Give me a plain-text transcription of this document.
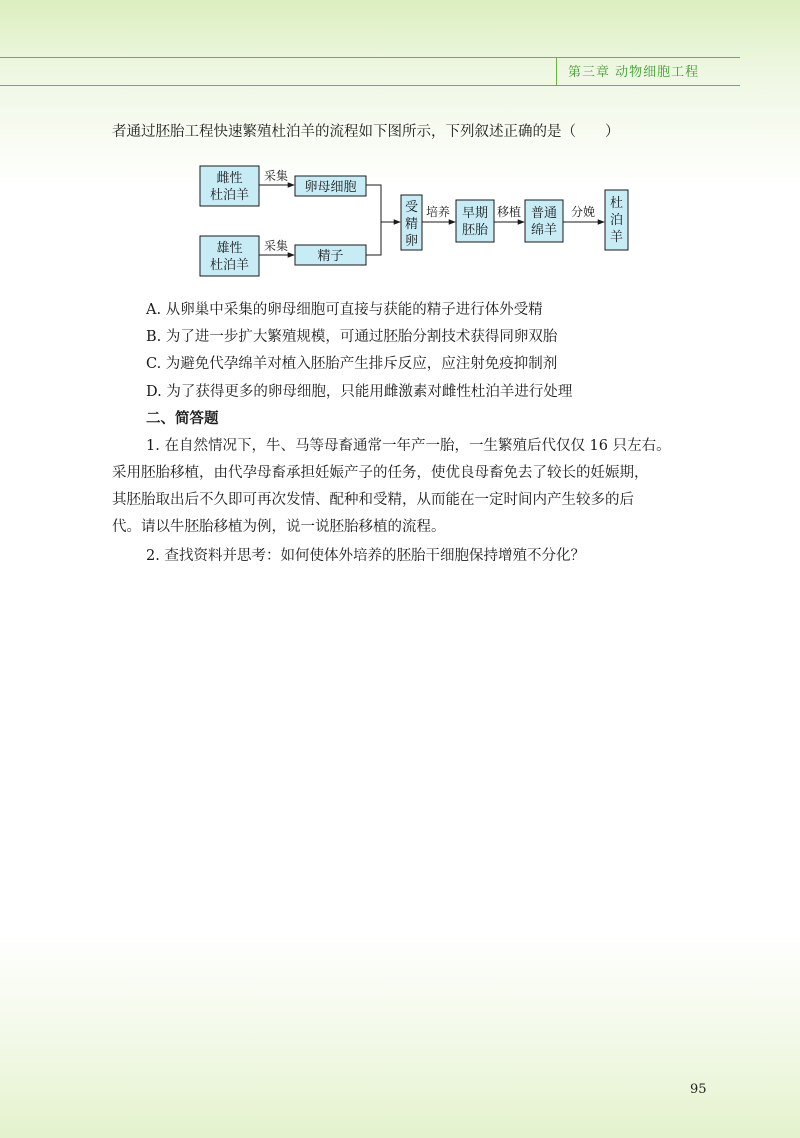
第三章 动物细胞工程
者通过胚胎工程快速繁殖杜泊羊的流程如下图所示，下列叙述正确的是（　　）
雌性
杜泊羊
卵母细胞
雄性
杜泊羊
精子
受
精
卵
早期
胚胎
普通
绵羊
杜
泊
羊
采集
采集
培养	移植	分娩
A. 从卵巢中采集的卵母细胞可直接与获能的精子进行体外受精
B. 为了进一步扩大繁殖规模，可通过胚胎分割技术获得同卵双胎
C. 为避免代孕绵羊对植入胚胎产生排斥反应，应注射免疫抑制剂
D. 为了获得更多的卵母细胞，只能用雌激素对雌性杜泊羊进行处理
二、简答题
1. 在自然情况下，牛、马等母畜通常一年产一胎，一生繁殖后代仅仅 16 只左右。
采用胚胎移植，由代孕母畜承担妊娠产子的任务，使优良母畜免去了较长的妊娠期，
其胚胎取出后不久即可再次发情、配种和受精，从而能在一定时间内产生较多的后
代。请以牛胚胎移植为例，说一说胚胎移植的流程。
2. 查找资料并思考：如何使体外培养的胚胎干细胞保持增殖不分化？
95
